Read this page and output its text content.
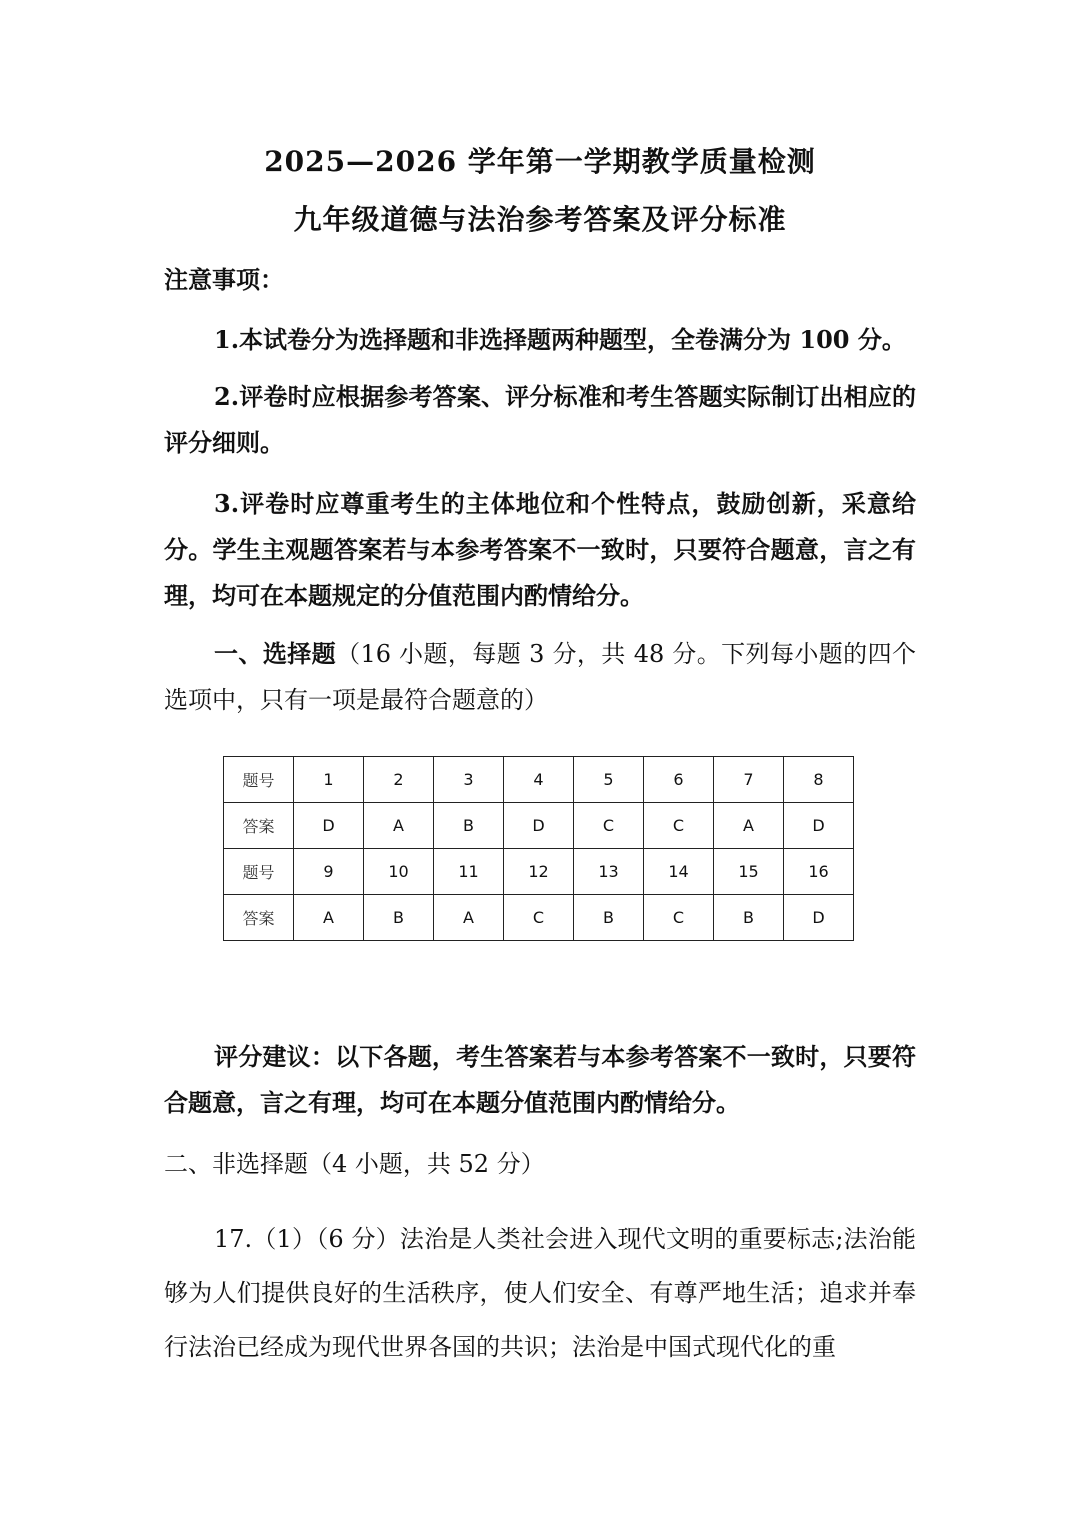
2025—2026 学年第一学期教学质量检测
九年级道德与法治参考答案及评分标准
注意事项：
1.本试卷分为选择题和非选择题两种题型，全卷满分为 100 分。
2.评卷时应根据参考答案、评分标准和考生答题实际制订出相应的评分细则。
3.评卷时应尊重考生的主体地位和个性特点，鼓励创新，采意给分。学生主观题答案若与本参考答案不一致时，只要符合题意，言之有理，均可在本题规定的分值范围内酌情给分。
一、选择题（16 小题，每题 3 分，共 48 分。下列每小题的四个选项中，只有一项是最符合题意的）
题号	1	2	3	4	5	6	7	8
答案	D	A	B	D	C	C	A	D
题号	9	10	11	12	13	14	15	16
答案	A	B	A	C	B	C	B	D
评分建议：以下各题，考生答案若与本参考答案不一致时，只要符合题意，言之有理，均可在本题分值范围内酌情给分。
二、非选择题（4 小题，共 52 分）
17.（1）（6 分）法治是人类社会进入现代文明的重要标志;法治能够为人们提供良好的生活秩序，使人们安全、有尊严地生活；追求并奉行法治已经成为现代世界各国的共识；法治是中国式现代化的重
